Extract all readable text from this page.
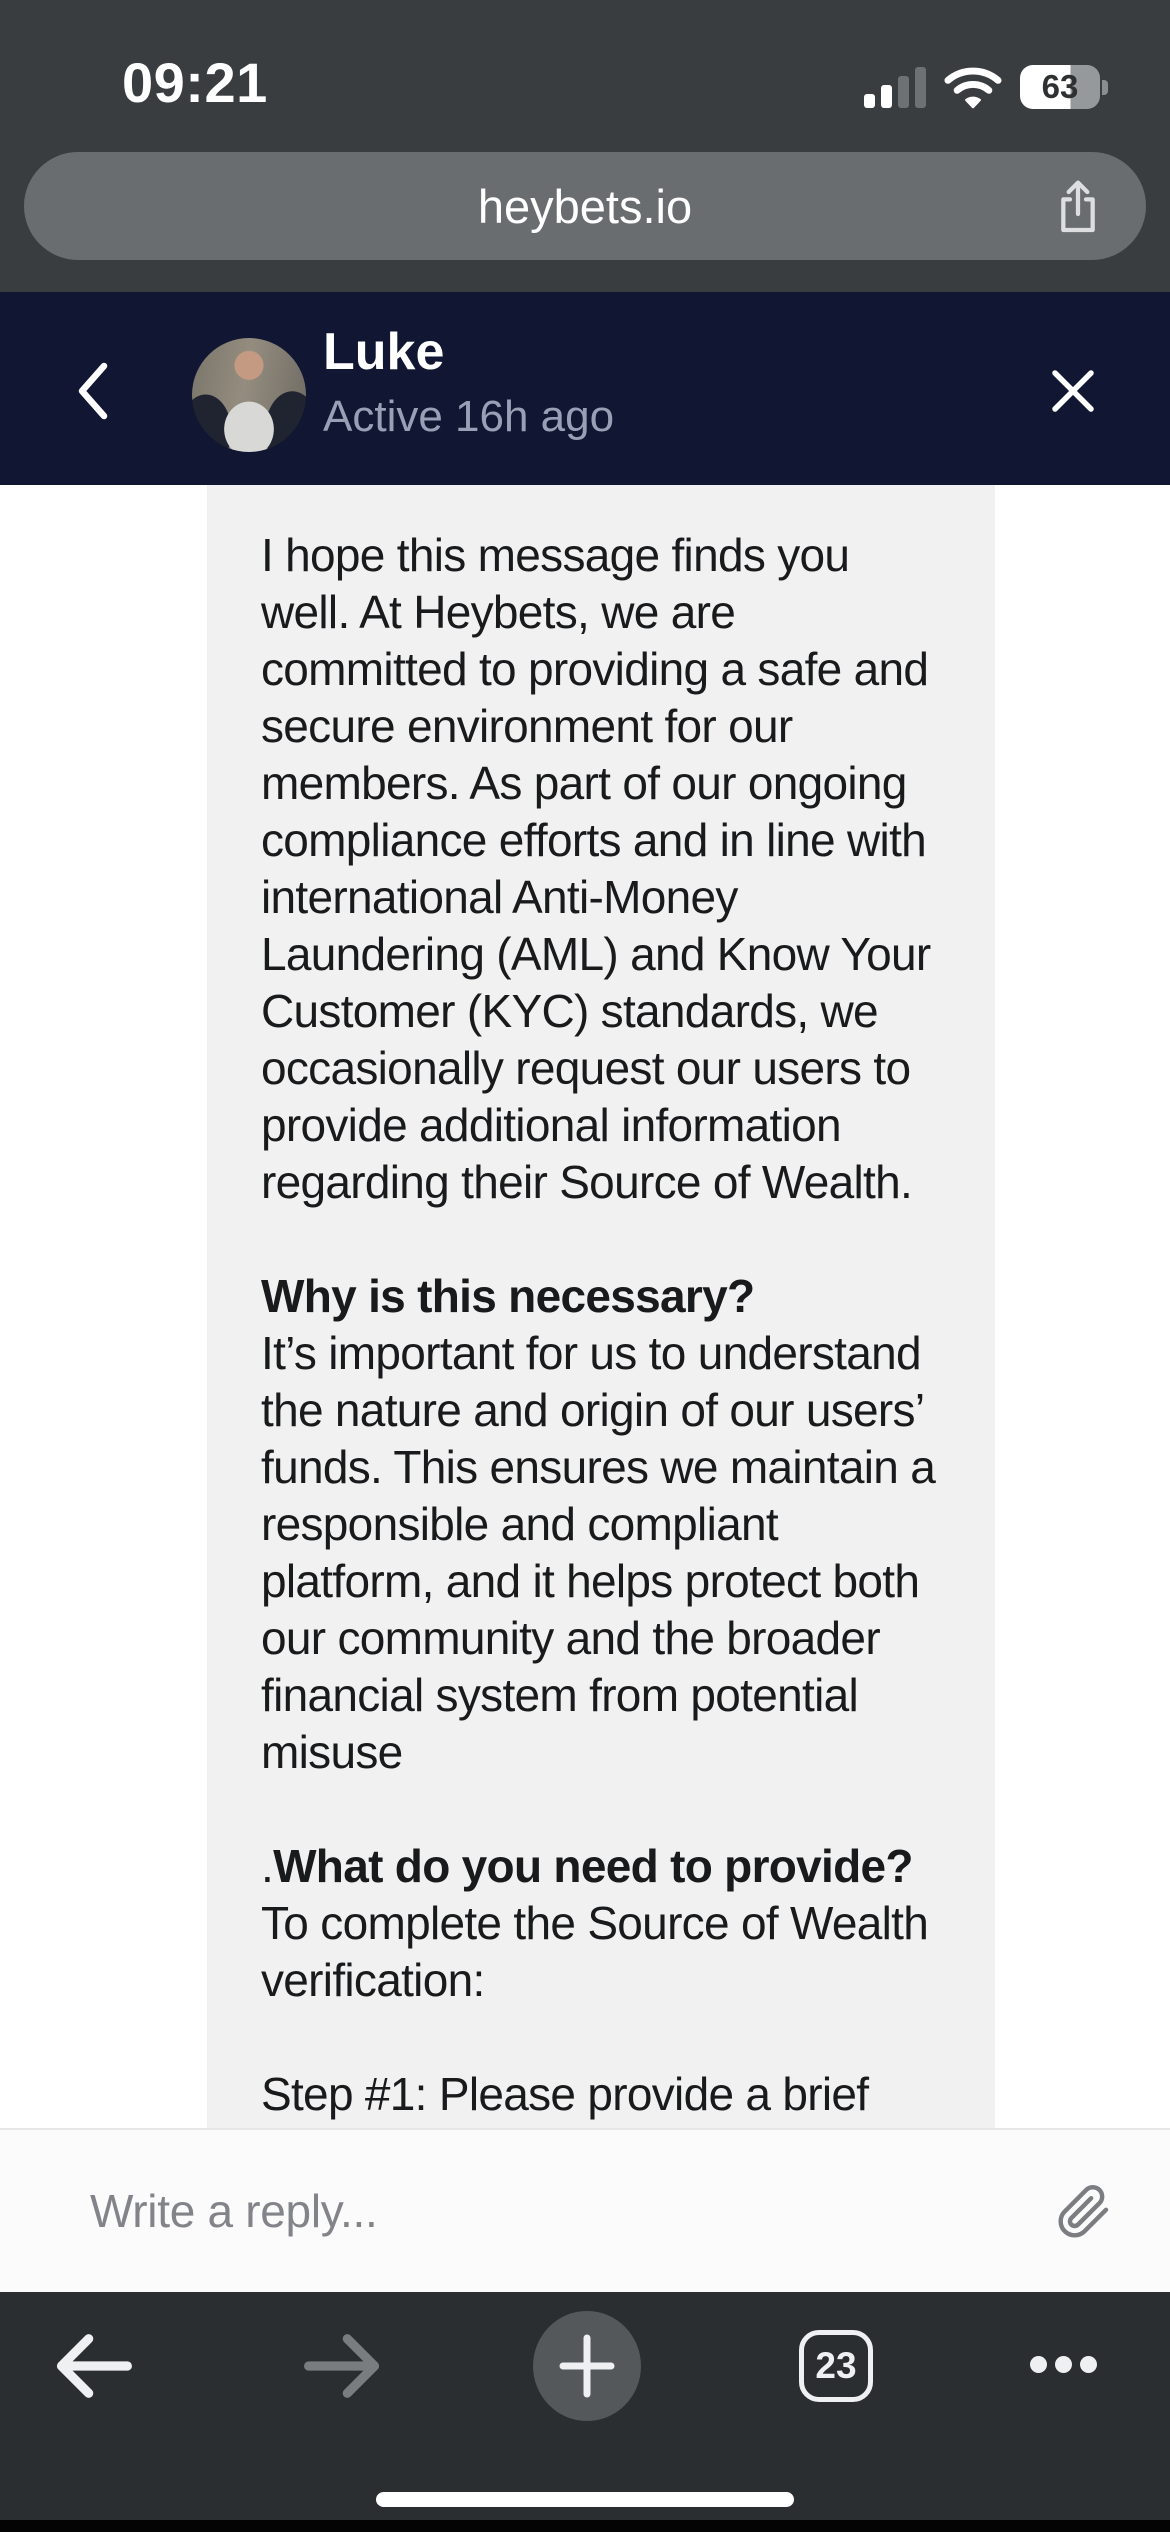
09:21	63
heybets.io
Luke
Active 16h ago
I hope this message finds you well. At Heybets, we are committed to providing a safe and secure environment for our members. As part of our ongoing compliance efforts and in line with international Anti-Money Laundering (AML) and Know Your Customer (KYC) standards, we occasionally request our users to provide additional information regarding their Source of Wealth.
Why is this necessary?
It’s important for us to understand the nature and origin of our users’ funds. This ensures we maintain a responsible and compliant platform, and it helps protect both our community and the broader financial system from potential misuse
.What do you need to provide?
To complete the Source of Wealth verification:
Step #1: Please provide a brief
Write a reply...
23
